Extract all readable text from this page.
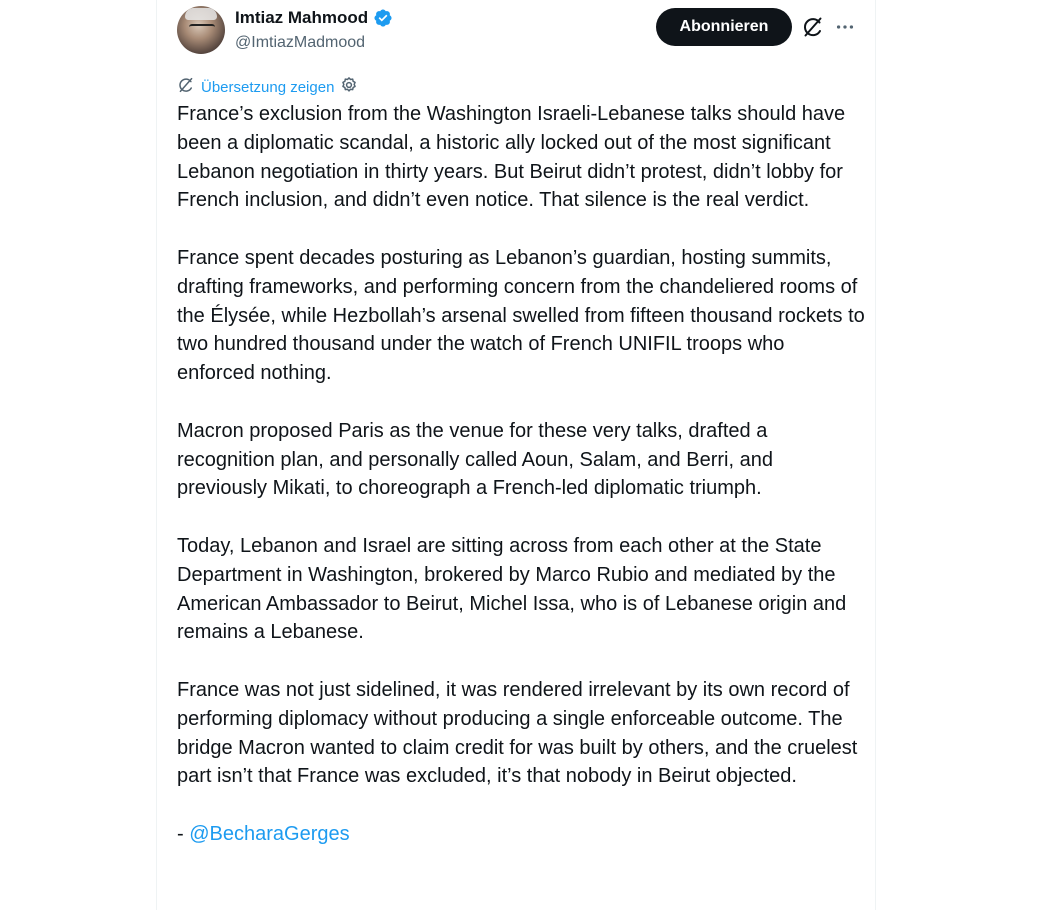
Imtiaz Mahmood
@ImtiazMadmood
Abonnieren
Übersetzung zeigen

France’s exclusion from the Washington Israeli-Lebanese talks should have been a diplomatic scandal, a historic ally locked out of the most significant Lebanon negotiation in thirty years. But Beirut didn’t protest, didn’t lobby for French inclusion, and didn’t even notice. That silence is the real verdict.

France spent decades posturing as Lebanon’s guardian, hosting summits, drafting frameworks, and performing concern from the chandeliered rooms of the Élysée, while Hezbollah’s arsenal swelled from fifteen thousand rockets to two hundred thousand under the watch of French UNIFIL troops who enforced nothing.

Macron proposed Paris as the venue for these very talks, drafted a recognition plan, and personally called Aoun, Salam, and Berri, and previously Mikati, to choreograph a French-led diplomatic triumph.

Today, Lebanon and Israel are sitting across from each other at the State Department in Washington, brokered by Marco Rubio and mediated by the American Ambassador to Beirut, Michel Issa, who is of Lebanese origin and remains a Lebanese.

France was not just sidelined, it was rendered irrelevant by its own record of performing diplomacy without producing a single enforceable outcome. The bridge Macron wanted to claim credit for was built by others, and the cruelest part isn’t that France was excluded, it’s that nobody in Beirut objected.

- @BecharaGerges
